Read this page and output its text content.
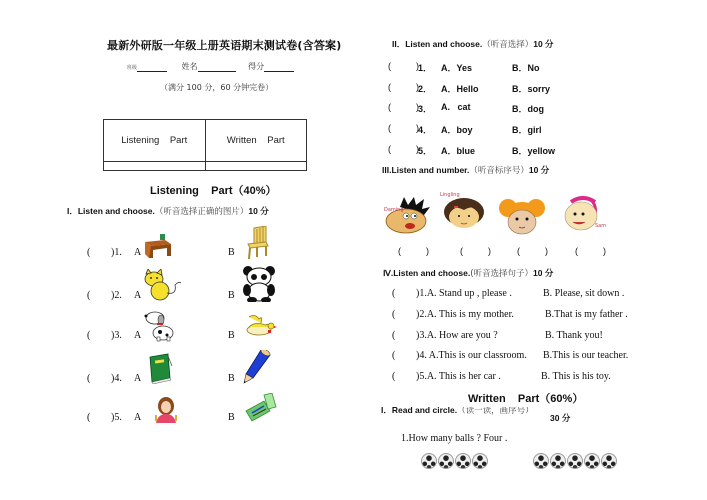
最新外研版一年级上册英语期末测试卷(含答案)
班级	姓名	得分
（满分 100 分，60 分钟完卷）
Listening    Part	Written    Part

Listening    Part（40%）
I．Listen and choose.（听音选择正确的图片）10 分
( )1. A	B
( )2. A	B
( )3. A	B
( )4. A	B
( )5. A	B
II．Listen and choose.（听音选择）10 分
(          ) 1． A．Yes	B．No
(          ) 2． A．Hello	B．sorry
(          ) 3． A.   cat	B．dog
(          ) 4． A．boy	B．girl
(          ) 5． A．blue	B．yellow
III.Listen and number.（听音标序号）10 分
Daming
Lingling
Sam
(          )	(          )	(          )	(          )
Ⅳ.Listen and choose.(听音选择句子）10 分
( )1.A. Stand up , please .	B. Please, sit down .
( )2.A. This is my mother.	B.That is my father .
( )3.A. How are you ?	B. Thank you!
( )4. A.This is our classroom. B.This is our teacher.
( )5.A. This is her car .	B. This is his toy.
Written    Part（60%）
I．Read and circle.（读一读，画序号）
30 分
1.How many balls ? Four .
